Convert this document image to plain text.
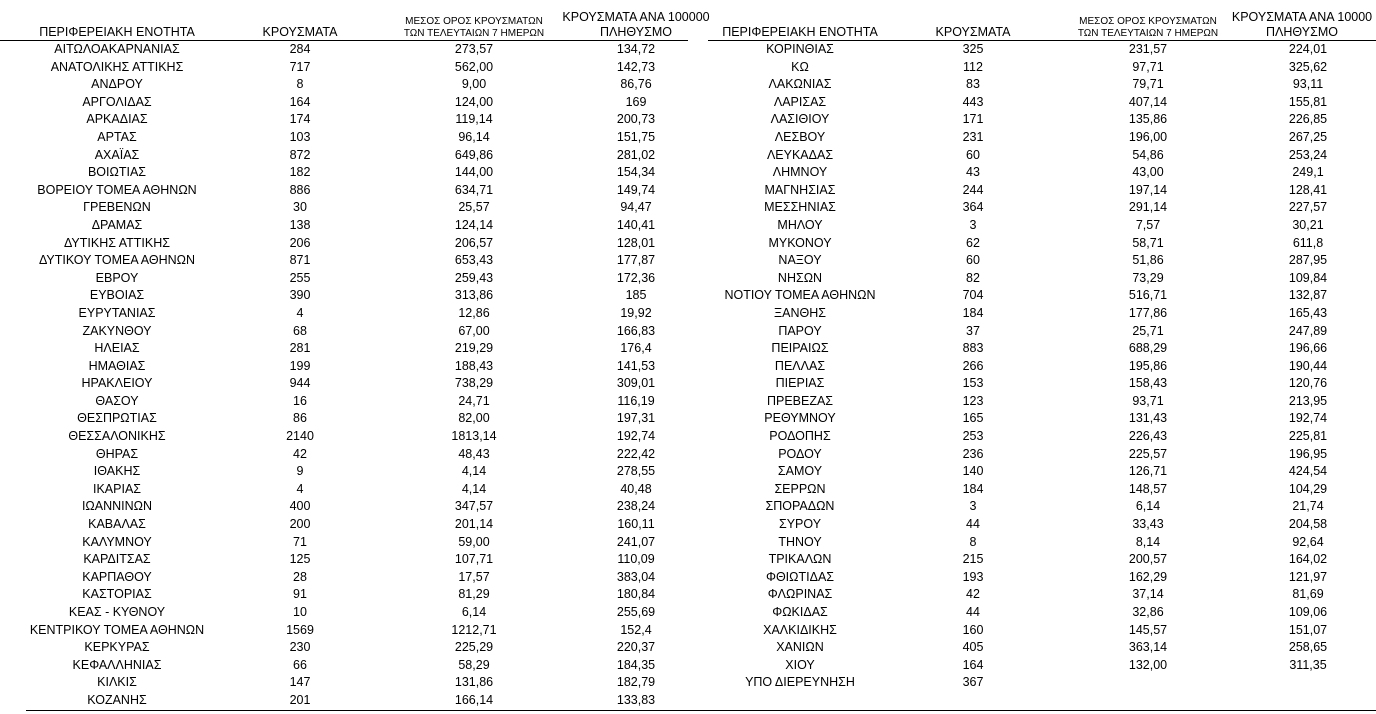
ΠΕΡΙΦΕΡΕΙΑΚΗ ΕΝΟΤΗΤΑ	ΚΡΟΥΣΜΑΤΑ
ΜΕΣΟΣ ΟΡΟΣ ΚΡΟΥΣΜΑΤΩΝ
ΤΩΝ ΤΕΛΕΥΤΑΙΩΝ 7 ΗΜΕΡΩΝ
ΚΡΟΥΣΜΑΤΑ ΑΝΑ 100000
ΠΛΗΘΥΣΜΟ
ΑΙΤΩΛΟΑΚΑΡΝΑΝΙΑΣ	284	273,57	134,72
ΑΝΑΤΟΛΙΚΗΣ ΑΤΤΙΚΗΣ	717	562,00	142,73
ΑΝΔΡΟΥ	8	9,00	86,76
ΑΡΓΟΛΙΔΑΣ	164	124,00	169
ΑΡΚΑΔΙΑΣ	174	119,14	200,73
ΑΡΤΑΣ	103	96,14	151,75
ΑΧΑΪΑΣ	872	649,86	281,02
ΒΟΙΩΤΙΑΣ	182	144,00	154,34
ΒΟΡΕΙΟΥ ΤΟΜΕΑ ΑΘΗΝΩΝ	886	634,71	149,74
ΓΡΕΒΕΝΩΝ	30	25,57	94,47
ΔΡΑΜΑΣ	138	124,14	140,41
ΔΥΤΙΚΗΣ ΑΤΤΙΚΗΣ	206	206,57	128,01
ΔΥΤΙΚΟΥ ΤΟΜΕΑ ΑΘΗΝΩΝ	871	653,43	177,87
ΕΒΡΟΥ	255	259,43	172,36
ΕΥΒΟΙΑΣ	390	313,86	185
ΕΥΡΥΤΑΝΙΑΣ	4	12,86	19,92
ΖΑΚΥΝΘΟΥ	68	67,00	166,83
ΗΛΕΙΑΣ	281	219,29	176,4
ΗΜΑΘΙΑΣ	199	188,43	141,53
ΗΡΑΚΛΕΙΟΥ	944	738,29	309,01
ΘΑΣΟΥ	16	24,71	116,19
ΘΕΣΠΡΩΤΙΑΣ	86	82,00	197,31
ΘΕΣΣΑΛΟΝΙΚΗΣ	2140	1813,14	192,74
ΘΗΡΑΣ	42	48,43	222,42
ΙΘΑΚΗΣ	9	4,14	278,55
ΙΚΑΡΙΑΣ	4	4,14	40,48
ΙΩΑΝΝΙΝΩΝ	400	347,57	238,24
ΚΑΒΑΛΑΣ	200	201,14	160,11
ΚΑΛΥΜΝΟΥ	71	59,00	241,07
ΚΑΡΔΙΤΣΑΣ	125	107,71	110,09
ΚΑΡΠΑΘΟΥ	28	17,57	383,04
ΚΑΣΤΟΡΙΑΣ	91	81,29	180,84
ΚΕΑΣ - ΚΥΘΝΟΥ	10	6,14	255,69
ΚΕΝΤΡΙΚΟΥ ΤΟΜΕΑ ΑΘΗΝΩΝ	1569	1212,71	152,4
ΚΕΡΚΥΡΑΣ	230	225,29	220,37
ΚΕΦΑΛΛΗΝΙΑΣ	66	58,29	184,35
ΚΙΛΚΙΣ	147	131,86	182,79
ΚΟΖΑΝΗΣ	201	166,14	133,83
ΠΕΡΙΦΕΡΕΙΑΚΗ ΕΝΟΤΗΤΑ	ΚΡΟΥΣΜΑΤΑ
ΜΕΣΟΣ ΟΡΟΣ ΚΡΟΥΣΜΑΤΩΝ
ΤΩΝ ΤΕΛΕΥΤΑΙΩΝ 7 ΗΜΕΡΩΝ
ΚΡΟΥΣΜΑΤΑ ΑΝΑ 10000
ΠΛΗΘΥΣΜΟ
ΚΟΡΙΝΘΙΑΣ	325	231,57	224,01
ΚΩ	112	97,71	325,62
ΛΑΚΩΝΙΑΣ	83	79,71	93,11
ΛΑΡΙΣΑΣ	443	407,14	155,81
ΛΑΣΙΘΙΟΥ	171	135,86	226,85
ΛΕΣΒΟΥ	231	196,00	267,25
ΛΕΥΚΑΔΑΣ	60	54,86	253,24
ΛΗΜΝΟΥ	43	43,00	249,1
ΜΑΓΝΗΣΙΑΣ	244	197,14	128,41
ΜΕΣΣΗΝΙΑΣ	364	291,14	227,57
ΜΗΛΟΥ	3	7,57	30,21
ΜΥΚΟΝΟΥ	62	58,71	611,8
ΝΑΞΟΥ	60	51,86	287,95
ΝΗΣΩΝ	82	73,29	109,84
ΝΟΤΙΟΥ ΤΟΜΕΑ ΑΘΗΝΩΝ	704	516,71	132,87
ΞΑΝΘΗΣ	184	177,86	165,43
ΠΑΡΟΥ	37	25,71	247,89
ΠΕΙΡΑΙΩΣ	883	688,29	196,66
ΠΕΛΛΑΣ	266	195,86	190,44
ΠΙΕΡΙΑΣ	153	158,43	120,76
ΠΡΕΒΕΖΑΣ	123	93,71	213,95
ΡΕΘΥΜΝΟΥ	165	131,43	192,74
ΡΟΔΟΠΗΣ	253	226,43	225,81
ΡΟΔΟΥ	236	225,57	196,95
ΣΑΜΟΥ	140	126,71	424,54
ΣΕΡΡΩΝ	184	148,57	104,29
ΣΠΟΡΑΔΩΝ	3	6,14	21,74
ΣΥΡΟΥ	44	33,43	204,58
ΤΗΝΟΥ	8	8,14	92,64
ΤΡΙΚΑΛΩΝ	215	200,57	164,02
ΦΘΙΩΤΙΔΑΣ	193	162,29	121,97
ΦΛΩΡΙΝΑΣ	42	37,14	81,69
ΦΩΚΙΔΑΣ	44	32,86	109,06
ΧΑΛΚΙΔΙΚΗΣ	160	145,57	151,07
ΧΑΝΙΩΝ	405	363,14	258,65
ΧΙΟΥ	164	132,00	311,35
ΥΠΟ ΔΙΕΡΕΥΝΗΣΗ	367
